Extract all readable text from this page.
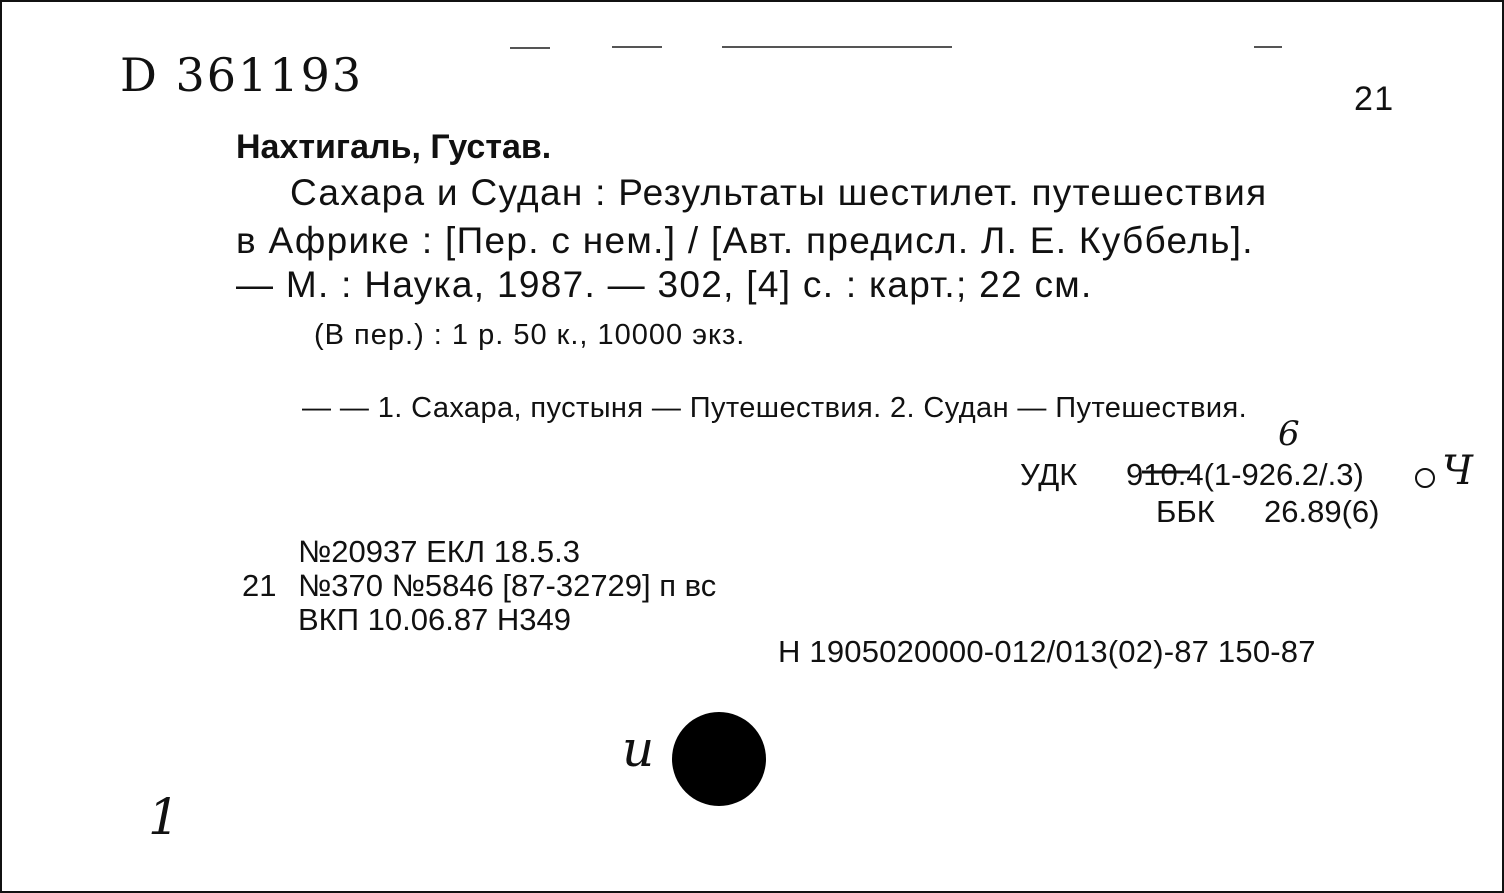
D 361193	21
Нахтигаль, Густав.
Сахара и Судан : Результаты шестилет. путешествия
в Африке : [Пер. с нем.] / [Авт. предисл. Л. Е. Куббель].
— М. : Наука, 1987. — 302, [4] с. : карт.; 22 см.
(В пер.) : 1 р. 50 к., 10000 экз.
— — 1. Сахара, пустыня — Путешествия. 2. Судан — Путешествия.
УДК 910.4(1-926.2/.3)
6
ББК 26.89(6)
№20937 ЕКЛ 18.5.3
21 №370 №5846 [87-32729] п вс
ВКП 10.06.87 Н349
Н 1905020000-012/013(02)-87 150-87
и
1
Ч
